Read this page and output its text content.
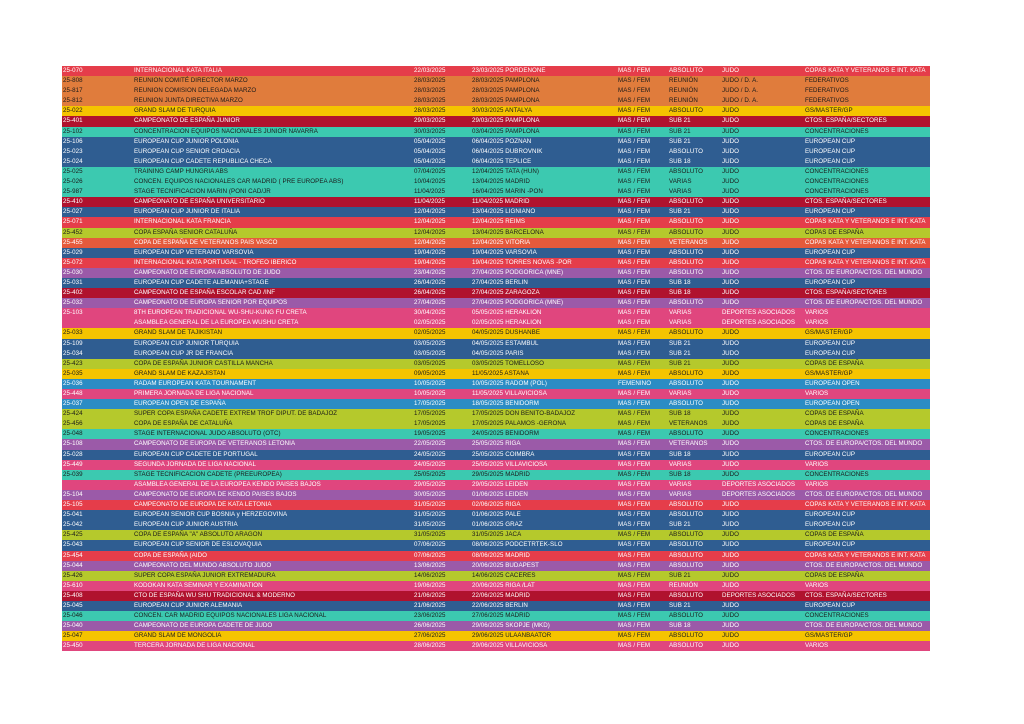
25-070	INTERNACIONAL KATA ITALIA	22/03/2025	23/03/2025 PORDENONE	MAS / FEM	ABSOLUTO	JUDO	COPAS KATA Y VETERANOS E INT. KATA
25-808	REUNION COMITÉ DIRECTOR MARZO	28/03/2025	28/03/2025 PAMPLONA	MAS / FEM	REUNIÓN	JUDO / D. A.	FEDERATIVOS
25-817	REUNION COMISION DELEGADA MARZO	28/03/2025	28/03/2025 PAMPLONA	MAS / FEM	REUNIÓN	JUDO / D. A.	FEDERATIVOS
25-812	REUNION JUNTA DIRECTIVA MARZO	28/03/2025	28/03/2025 PAMPLONA	MAS / FEM	REUNIÓN	JUDO / D. A.	FEDERATIVOS
25-022	GRAND SLAM DE TURQUIA	28/03/2025	30/03/2025 ANTALYA	MAS / FEM	ABSOLUTO	JUDO	GS/MASTER/GP
25-401	CAMPEONATO DE ESPAÑA JUNIOR	29/03/2025	29/03/2025 PAMPLONA	MAS / FEM	SUB 21	JUDO	CTOS. ESPAÑA/SECTORES
25-102	CONCENTRACION EQUIPOS NACIONALES JUNIOR NAVARRA	30/03/2025	03/04/2025 PAMPLONA	MAS / FEM	SUB 21	JUDO	CONCENTRACIONES
25-106	EUROPEAN CUP JUNIOR POLONIA	05/04/2025	06/04/2025 POZNAN	MAS / FEM	SUB 21	JUDO	EUROPEAN CUP
25-023	EUROPEAN CUP SENIOR CROACIA	05/04/2025	06/04/2025 DUBROVNIK	MAS / FEM	ABSOLUTO	JUDO	EUROPEAN CUP
25-024	EUROPEAN CUP CADETE REPUBLICA CHECA	05/04/2025	06/04/2025 TEPLICE	MAS / FEM	SUB 18	JUDO	EUROPEAN CUP
25-025	TRAINING CAMP HUNGRIA ABS	07/04/2025	12/04/2025 TATA (HUN)	MAS / FEM	ABSOLUTO	JUDO	CONCENTRACIONES
25-026	CONCEN. EQUIPOS NACIONALES CAR MADRID ( PRE EUROPEA ABS)	10/04/2025	13/04/2025 MADRID	MAS / FEM	VARIAS	JUDO	CONCENTRACIONES
25-987	STAGE TECNIFICACION MARIN (PONI CAD/JR	11/04/2025	16/04/2025 MARIN -PON	MAS / FEM	VARIAS	JUDO	CONCENTRACIONES
25-410	CAMPEONATO DE ESPAÑA UNIVERSITARIO	11/04/2025	11/04/2025 MADRID	MAS / FEM	ABSOLUTO	JUDO	CTOS. ESPAÑA/SECTORES
25-027	EUROPEAN CUP JUNIOR DE ITALIA	12/04/2025	13/04/2025 LIGNIANO	MAS / FEM	SUB 21	JUDO	EUROPEAN CUP
25-071	INTERNACIONAL KATA FRANCIA	12/04/2025	12/04/2025 REIMS	MAS / FEM	ABSOLUTO	JUDO	COPAS KATA Y VETERANOS E INT. KATA
25-452	COPA ESPAÑA SENIOR CATALUÑA	12/04/2025	13/04/2025 BARCELONA	MAS / FEM	ABSOLUTO	JUDO	COPAS DE ESPAÑA
25-455	COPA DE ESPAÑA DE VETERANOS PAIS VASCO	12/04/2025	12/04/2025 VITORIA	MAS / FEM	VETERANOS	JUDO	COPAS KATA Y VETERANOS E INT. KATA
25-029	EUROPEAN CUP VETERANO VARSOVIA	19/04/2025	19/04/2025 VARSOVIA	MAS / FEM	ABSOLUTO	JUDO	EUROPEAN CUP
25-072	INTERNACIONAL KATA PORTUGAL - TROFEO IBERICO	19/04/2025	19/04/2025 TORRES NOVAS -POR	MAS / FEM	ABSOLUTO	JUDO	COPAS KATA Y VETERANOS E INT. KATA
25-030	CAMPEONATO DE EUROPA ABSOLUTO DE JUDO	23/04/2025	27/04/2025 PODGORICA (MNE)	MAS / FEM	ABSOLUTO	JUDO	CTOS. DE EUROPA/CTOS. DEL MUNDO
25-031	EUROPEAN CUP CADETE ALEMANIA+STAGE	26/04/2025	27/04/2025 BERLIN	MAS / FEM	SUB 18	JUDO	EUROPEAN CUP
25-402	CAMPEONATO DE ESPAÑA ESCOLAR CAD /INF	26/04/2025	27/04/2025 ZARAGOZA	MAS / FEM	SUB 18	JUDO	CTOS. ESPAÑA/SECTORES
25-032	CAMPEONATO DE EUROPA SENIOR POR EQUIPOS	27/04/2025	27/04/2025 PODGORICA (MNE)	MAS / FEM	ABSOLUTO	JUDO	CTOS. DE EUROPA/CTOS. DEL MUNDO
25-103	8TH EUROPEAN TRADICIONAL WU-SHU-KUNG FU CRETA	30/04/2025	05/05/2025 HERAKLION	MAS / FEM	VARIAS	DEPORTES ASOCIADOS	VARIOS
ASAMBLEA GENERAL DE LA EUROPEA WUSHU CRETA	02/05/2025	02/05/2025 HERAKLION	MAS / FEM	VARIAS	DEPORTES ASOCIADOS	VARIOS
25-033	GRAND SLAM DE TAJIKISTAN	02/05/2025	04/05/2025 DUSHANBE	MAS / FEM	ABSOLUTO	JUDO	GS/MASTER/GP
25-109	EUROPEAN CUP JUNIOR TURQUIA	03/05/2025	04/05/2025 ESTAMBUL	MAS / FEM	SUB 21	JUDO	EUROPEAN CUP
25-034	EUROPEAN CUP JR DE FRANCIA	03/05/2025	04/05/2025 PARIS	MAS / FEM	SUB 21	JUDO	EUROPEAN CUP
25-423	COPA DE ESPAÑA JUNIOR CASTILLA MANCHA	03/05/2025	03/05/2025 TOMELLOSO	MAS / FEM	SUB 21	JUDO	COPAS DE ESPAÑA
25-035	GRAND SLAM DE KAZAJISTAN	09/05/2025	11/05/2025 ASTANA	MAS / FEM	ABSOLUTO	JUDO	GS/MASTER/GP
25-036	RADAM EUROPEAN KATA TOURNAMENT	10/05/2025	10/05/2025 RADOM (POL)	FEMENINO	ABSOLUTO	JUDO	EUROPEAN OPEN
25-448	PRIMERA JORNADA DE LIGA NACIONAL	10/05/2025	11/05/2025 VILLAVICIOSA	MAS / FEM	VARIAS	JUDO	VARIOS
25-037	EUROPEAN OPEN DE ESPAÑA	17/05/2025	18/05/2025 BENIDORM	MAS / FEM	ABSOLUTO	JUDO	EUROPEAN OPEN
25-424	SUPER COPA ESPAÑA CADETE EXTREM TROF DIPUT. DE BADAJOZ	17/05/2025	17/05/2025 DON BENITO-BADAJOZ	MAS / FEM	SUB 18	JUDO	COPAS DE ESPAÑA
25-456	COPA DE ESPAÑA DE CATALUÑA	17/05/2025	17/05/2025 PALAMOS -GERONA	MAS / FEM	VETERANOS	JUDO	COPAS DE ESPAÑA
25-048	STAGE INTERNACIONAL JUDO ABSOLUTO (OTC)	19/05/2025	24/05/2025 BENIDORM	MAS / FEM	ABSOLUTO	JUDO	CONCENTRACIONES
25-108	CAMPEONATO DE EUROPA DE VETERANOS LETONIA	22/05/2025	25/05/2025 RIGA	MAS / FEM	VETERANOS	JUDO	CTOS. DE EUROPA/CTOS. DEL MUNDO
25-028	EUROPEAN CUP CADETE DE PORTUGAL	24/05/2025	25/05/2025 COIMBRA	MAS / FEM	SUB 18	JUDO	EUROPEAN CUP
25-449	SEGUNDA JORNADA DE LIGA NACIONAL	24/05/2025	25/05/2025 VILLAVICIOSA	MAS / FEM	VARIAS	JUDO	VARIOS
25-039	STAGE TECNIFICACION CADETE (PREEUROPEA)	25/05/2025	29/05/2025 MADRID	MAS / FEM	SUB 18	JUDO	CONCENTRACIONES
ASAMBLEA GENERAL DE LA EUROPEA KENDO PAISES BAJOS	29/05/2025	29/05/2025 LEIDEN	MAS / FEM	VARIAS	DEPORTES ASOCIADOS	VARIOS
25-104	CAMPEONATO DE EUROPA DE KENDO PAISES BAJOS	30/05/2025	01/06/2025 LEIDEN	MAS / FEM	VARIAS	DEPORTES ASOCIADOS	CTOS. DE EUROPA/CTOS. DEL MUNDO
25-105	CAMPEONATO DE EUROPA DE KATA LETONIA	31/05/2025	02/06/2025 RIGA	MAS / FEM	ABSOLUTO	JUDO	COPAS KATA Y VETERANOS E INT. KATA
25-041	EUROPEAN SENIOR CUP BOSNIA y HERZEGOVINA	31/05/2025	01/06/2025 PALE	MAS / FEM	ABSOLUTO	JUDO	EUROPEAN CUP
25-042	EUROPEAN CUP JUNIOR AUSTRIA	31/05/2025	01/06/2025 GRAZ	MAS / FEM	SUB 21	JUDO	EUROPEAN CUP
25-425	COPA DE ESPAÑA "A" ABSOLUTO ARAGON	31/05/2025	31/05/2025 JACA	MAS / FEM	ABSOLUTO	JUDO	COPAS DE ESPAÑA
25-043	EUROPEAN CUP SENIOR DE ESLOVAQUIA	07/06/2025	08/06/2025 PODCETRTEK-SLO	MAS / FEM	ABSOLUTO	JUDO	EUROPEAN CUP
25-454	COPA DE ESPAÑA (AIDO	07/06/2025	08/06/2025 MADRID	MAS / FEM	ABSOLUTO	JUDO	COPAS KATA Y VETERANOS E INT. KATA
25-044	CAMPEONATO DEL MUNDO ABSOLUTO JUDO	13/06/2025	20/06/2025 BUDAPEST	MAS / FEM	ABSOLUTO	JUDO	CTOS. DE EUROPA/CTOS. DEL MUNDO
25-426	SUPER COPA ESPAÑA JUNIOR EXTREMADURA	14/06/2025	14/06/2025 CACERES	MAS / FEM	SUB 21	JUDO	COPAS DE ESPAÑA
25-610	KODOKAN KATA SEMINAR Y EXAMINATION	19/06/2025	20/06/2025 RIGA /LAT	MAS / FEM	REUNIÓN	JUDO	VARIOS
25-408	CTO DE ESPAÑA WU SHU TRADICIONAL & MODERNO	21/06/2025	22/06/2025 MADRID	MAS / FEM	ABSOLUTO	DEPORTES ASOCIADOS	CTOS. ESPAÑA/SECTORES
25-045	EUROPEAN CUP JUNIOR ALEMANIA	21/06/2025	22/06/2025 BERLIN	MAS / FEM	SUB 21	JUDO	EUROPEAN CUP
25-046	CONCEN. CAR MADRID EQUIPOS NACIONALES LIGA NACIONAL	23/06/2025	27/06/2025 MADRID	MAS / FEM	ABSOLUTO	JUDO	CONCENTRACIONES
25-040	CAMPEONATO DE EUROPA CADETE DE JUDO	26/06/2025	29/06/2025 SKOPJE (MKD)	MAS / FEM	SUB 18	JUDO	CTOS. DE EUROPA/CTOS. DEL MUNDO
25-047	GRAND SLAM DE MONGOLIA	27/06/2025	29/06/2025 ULAANBAATOR	MAS / FEM	ABSOLUTO	JUDO	GS/MASTER/GP
25-450	TERCERA JORNADA DE LIGA NACIONAL	28/06/2025	29/06/2025 VILLAVICIOSA	MAS / FEM	ABSOLUTO	JUDO	VARIOS
